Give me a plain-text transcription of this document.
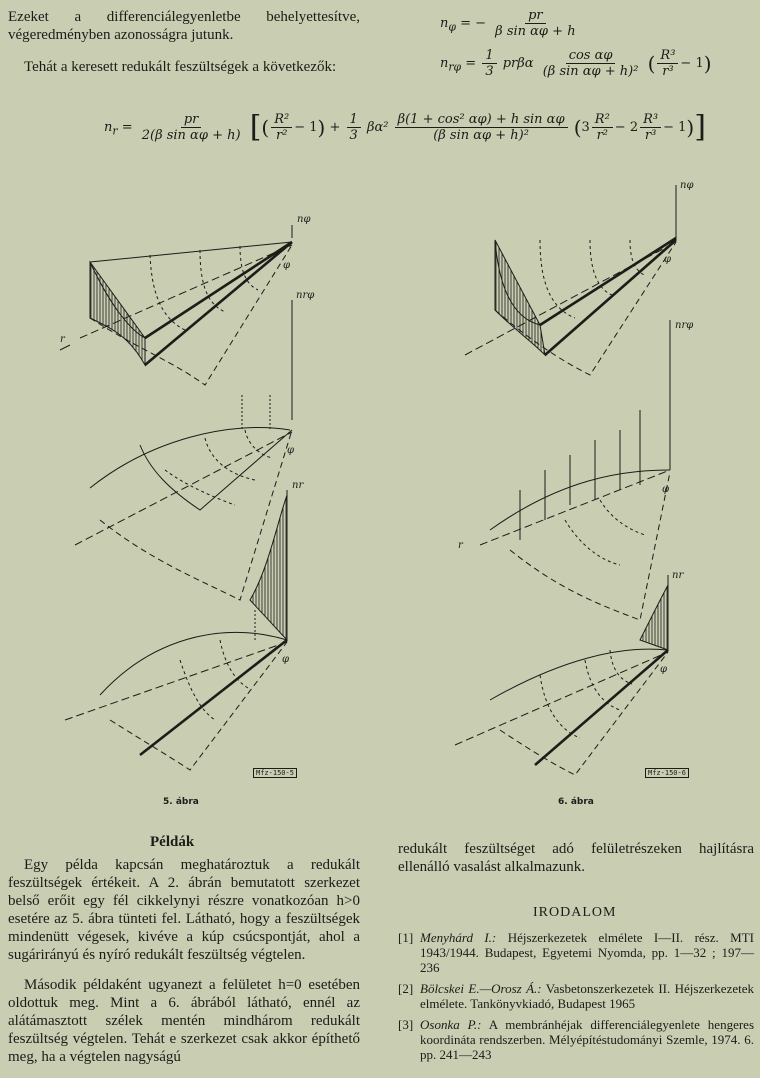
Ezeket a differenciálegyenletbe behelyettesítve, végeredményben azonosságra jutunk.

Tehát a keresett redukált feszültségek a következők:

$n_\varphi$ = − $\frac{pr}{\text{β sin αφ + h}}$
$n_{r\varphi} = \frac{1}{3}$ prβα $\frac{\text{cos αφ}}{\text{(β sin αφ + h)²}}$ ( $\frac{\text{R³}}{\text{r³}} - 1$)
$n_r = \frac{pr}{\text{2(β sin αφ + h)}}$ [( $\frac{\text{R²}}{\text{r²}} - 1) + \frac{1}{3} \beta\alpha^2 \frac{\text{β(1 + cos² αφ) + h sin αφ}}{\text{(β sin αφ + h)²}} (3 \frac{\text{R²}}{\text{r²}} - 2 \frac{\text{R³}}{\text{r³}} - 1)$]
nφ
nrφ
nr
φ
φ
φ
r
nφ
nrφ
nr
φ
φ
φ
r
Mfz-150-5	Mfz-150-6
5. ábra	6. ábra
Példák
Egy példa kapcsán meghatároztuk a redukált feszültségek értékeit. A 2. ábrán bemutatott szerkezet belső erőit egy fél cikkelynyi részre vonatkozóan h>0 esetére az 5. ábra tünteti fel. Látható, hogy a feszültségek mindenütt végesek, kivéve a kúp csúcspontját, ahol a sugárirányú és nyíró redukált feszültség végtelen.
Második példaként ugyanezt a felületet h=0 esetében oldottuk meg. Mint a 6. ábrából látható, ennél az alátámasztott szélek mentén mindhárom redukált feszültség végtelen. Tehát e szerkezet csak akkor építhető meg, ha a végtelen nagyságú
redukált feszültséget adó felületrészeken hajlításra ellenálló vasalást alkalmazunk.
IRODALOM
[1] Menyhárd I.: Héjszerkezetek elmélete I—II. rész. MTI 1943/1944. Budapest, Egyetemi Nyomda, pp. 1—32 ; 197—236
[2] Bölcskei E.—Orosz Á.: Vasbetonszerkezetek II. Héjszerkezetek elmélete. Tankönyvkiadó, Budapest 1965
[3] Osonka P.: A membránhéjak differenciálegyenlete hengeres koordináta rendszerben. Mélyépítéstudományi Szemle, 1974. 6. pp. 241—243
